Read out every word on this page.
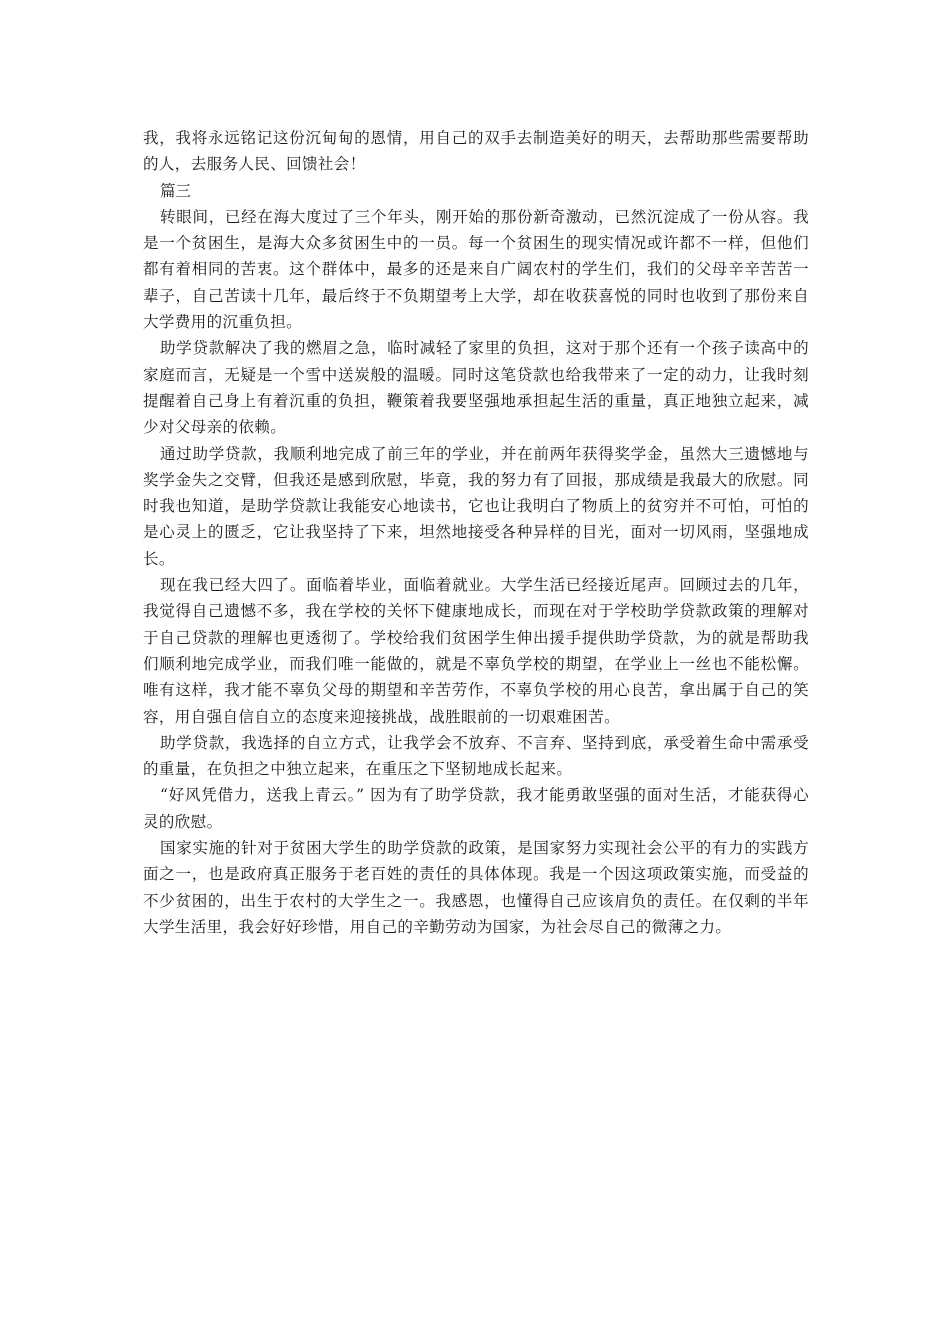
我，我将永远铭记这份沉甸甸的恩情，用自己的双手去制造美好的明天，去帮助那些需要帮助的人，去服务人民、回馈社会！

篇三

转眼间，已经在海大度过了三个年头，刚开始的那份新奇激动，已然沉淀成了一份从容。我是一个贫困生，是海大众多贫困生中的一员。每一个贫困生的现实情况或许都不一样，但他们都有着相同的苦衷。这个群体中，最多的还是来自广阔农村的学生们，我们的父母辛辛苦苦一辈子，自己苦读十几年，最后终于不负期望考上大学，却在收获喜悦的同时也收到了那份来自大学费用的沉重负担。

助学贷款解决了我的燃眉之急，临时减轻了家里的负担，这对于那个还有一个孩子读高中的家庭而言，无疑是一个雪中送炭般的温暖。同时这笔贷款也给我带来了一定的动力，让我时刻提醒着自己身上有着沉重的负担，鞭策着我要坚强地承担起生活的重量，真正地独立起来，减少对父母亲的依赖。

通过助学贷款，我顺利地完成了前三年的学业，并在前两年获得奖学金，虽然大三遗憾地与奖学金失之交臂，但我还是感到欣慰，毕竟，我的努力有了回报，那成绩是我最大的欣慰。同时我也知道，是助学贷款让我能安心地读书，它也让我明白了物质上的贫穷并不可怕，可怕的是心灵上的匮乏，它让我坚持了下来，坦然地接受各种异样的目光，面对一切风雨，坚强地成长。

现在我已经大四了。面临着毕业，面临着就业。大学生活已经接近尾声。回顾过去的几年，我觉得自己遗憾不多，我在学校的关怀下健康地成长，而现在对于学校助学贷款政策的理解对于自己贷款的理解也更透彻了。学校给我们贫困学生伸出援手提供助学贷款，为的就是帮助我们顺利地完成学业，而我们唯一能做的，就是不辜负学校的期望，在学业上一丝也不能松懈。唯有这样，我才能不辜负父母的期望和辛苦劳作，不辜负学校的用心良苦，拿出属于自己的笑容，用自强自信自立的态度来迎接挑战，战胜眼前的一切艰难困苦。

助学贷款，我选择的自立方式，让我学会不放弃、不言弃、坚持到底，承受着生命中需承受的重量，在负担之中独立起来，在重压之下坚韧地成长起来。

“好风凭借力，送我上青云。” 因为有了助学贷款，我才能勇敢坚强的面对生活，才能获得心灵的欣慰。

国家实施的针对于贫困大学生的助学贷款的政策，是国家努力实现社会公平的有力的实践方面之一，也是政府真正服务于老百姓的责任的具体体现。我是一个因这项政策实施，而受益的不少贫困的，出生于农村的大学生之一。我感恩，也懂得自己应该肩负的责任。在仅剩的半年大学生活里，我会好好珍惜，用自己的辛勤劳动为国家，为社会尽自己的微薄之力。
